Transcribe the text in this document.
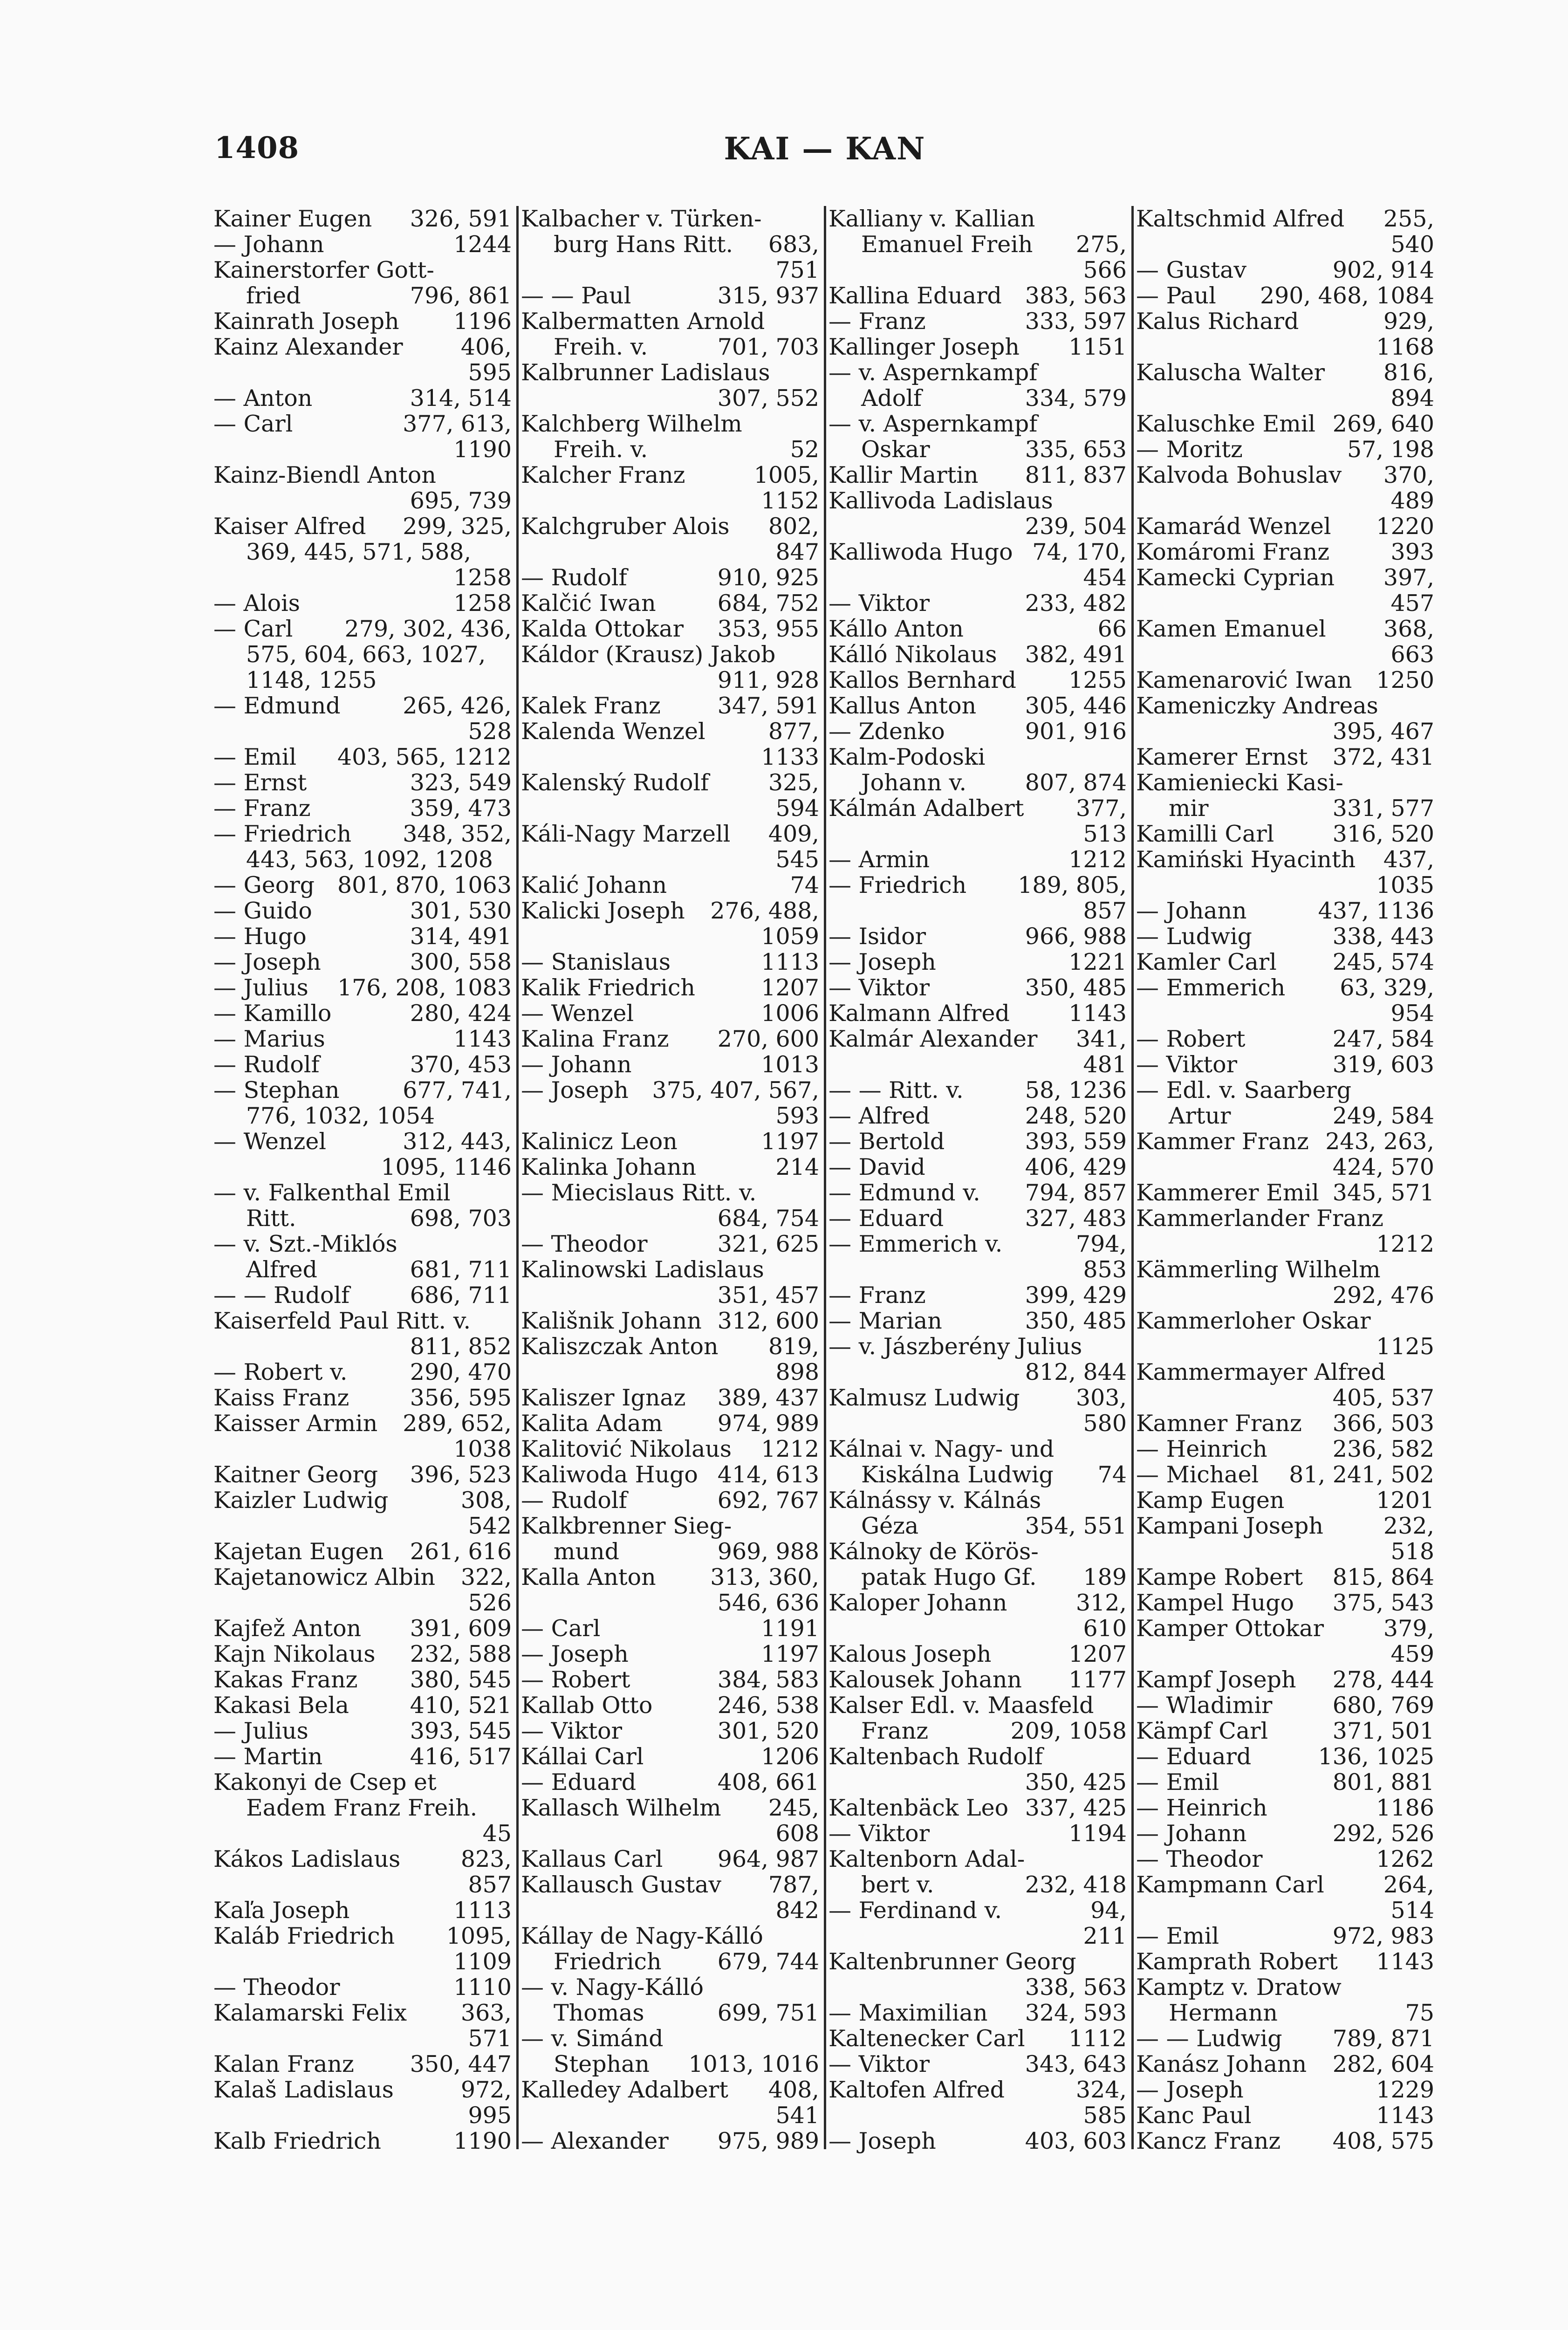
1408	KAI — KAN
Kainer Eugen 326, 591
— Johann	1244
Kainerstorfer Gott-
fried	796, 861
Kainrath Joseph 1196
Kainz Alexander	406,
595
— Anton	314, 514
— Carl	377, 613,
1190
Kainz-Biendl Anton
695, 739
Kaiser Alfred 299, 325,
369, 445, 571, 588,
1258
— Alois	1258
— Carl 279, 302, 436,
575, 604, 663, 1027,
1148, 1255
— Edmund	265, 426,
528
— Emil 403, 565, 1212
— Ernst	323, 549
— Franz	359, 473
— Friedrich 348, 352,
443, 563, 1092, 1208
— Georg 801, 870, 1063
— Guido	301, 530
— Hugo	314, 491
— Joseph	300, 558
— Julius 176, 208, 1083
— Kamillo	280, 424
— Marius	1143
— Rudolf	370, 453
— Stephan	677, 741,
776, 1032, 1054
— Wenzel	312, 443,
1095, 1146
— v. Falkenthal Emil
Ritt.	698, 703
— v. Szt.-Miklós
Alfred	681, 711
— — Rudolf	686, 711
Kaiserfeld Paul Ritt. v.
811, 852
— Robert v.	290, 470
Kaiss Franz	356, 595
Kaisser Armin 289, 652,
1038
Kaitner Georg 396, 523
Kaizler Ludwig	308,
542
Kajetan Eugen 261, 616
Kajetanowicz Albin 322,
526
Kajfež Anton 391, 609
Kajn Nikolaus 232, 588
Kakas Franz 380, 545
Kakasi Bela	410, 521
— Julius	393, 545
— Martin	416, 517
Kakonyi de Csep et
Eadem Franz Freih.
45
Kákos Ladislaus	823,
857
Kaľa Joseph	1113
Kaláb Friedrich 1095,
1109
— Theodor	1110
Kalamarski Felix 363,
571
Kalan Franz 350, 447
Kalaš Ladislaus	972,
995
Kalb Friedrich	1190
Kalbacher v. Türken-
burg Hans Ritt. 683,
751
— — Paul	315, 937
Kalbermatten Arnold
Freih. v.	701, 703
Kalbrunner Ladislaus
307, 552
Kalchberg Wilhelm
Freih. v.	52
Kalcher Franz	1005,
1152
Kalchgruber Alois 802,
847
— Rudolf	910, 925
Kalčić Iwan	684, 752
Kalda Ottokar 353, 955
Káldor (Krausz) Jakob
911, 928
Kalek Franz 347, 591
Kalenda Wenzel	877,
1133
Kalenský Rudolf	325,
594
Káli-Nagy Marzell 409,
545
Kalić Johann	74
Kalicki Joseph 276, 488,
1059
— Stanislaus	1113
Kalik Friedrich	1207
— Wenzel	1006
Kalina Franz 270, 600
— Johann	1013
— Joseph 375, 407, 567,
593
Kalinicz Leon	1197
Kalinka Johann	214
— Miecislaus Ritt. v.
684, 754
— Theodor	321, 625
Kalinowski Ladislaus
351, 457
Kališnik Johann 312, 600
Kaliszczak Anton 819,
898
Kaliszer Ignaz 389, 437
Kalita Adam 974, 989
Kalitović Nikolaus 1212
Kaliwoda Hugo 414, 613
— Rudolf	692, 767
Kalkbrenner Sieg-
mund	969, 988
Kalla Anton 313, 360,
546, 636
— Carl	1191
— Joseph	1197
— Robert	384, 583
Kallab Otto	246, 538
— Viktor	301, 520
Kállai Carl	1206
— Eduard	408, 661
Kallasch Wilhelm 245,
608
Kallaus Carl 964, 987
Kallausch Gustav 787,
842
Kállay de Nagy-Kálló
Friedrich 679, 744
— v. Nagy-Kálló
Thomas	699, 751
— v. Simánd
Stephan 1013, 1016
Kalledey Adalbert 408,
541
— Alexander 975, 989
Kalliany v. Kallian
Emanuel Freih 275,
566
Kallina Eduard 383, 563
— Franz	333, 597
Kallinger Joseph 1151
— v. Aspernkampf
Adolf	334, 579
— v. Aspernkampf
Oskar	335, 653
Kallir Martin 811, 837
Kallivoda Ladislaus
239, 504
Kalliwoda Hugo 74, 170,
454
— Viktor	233, 482
Kállo Anton	66
Kálló Nikolaus 382, 491
Kallos Bernhard 1255
Kallus Anton 305, 446
— Zdenko	901, 916
Kalm-Podoski
Johann v.	807, 874
Kálmán Adalbert 377,
513
— Armin	1212
— Friedrich 189, 805,
857
— Isidor	966, 988
— Joseph	1221
— Viktor	350, 485
Kalmann Alfred	1143
Kalmár Alexander 341,
481
— — Ritt. v.	58, 1236
— Alfred	248, 520
— Bertold	393, 559
— David	406, 429
— Edmund v. 794, 857
— Eduard	327, 483
— Emmerich v.	794,
853
— Franz	399, 429
— Marian	350, 485
— v. Jászberény Julius
812, 844
Kalmusz Ludwig 303,
580
Kálnai v. Nagy- und
Kiskálna Ludwig 74
Kálnássy v. Kálnás
Géza	354, 551
Kálnoky de Körös-
patak Hugo Gf. 189
Kaloper Johann	312,
610
Kalous Joseph	1207
Kalousek Johann 1177
Kalser Edl. v. Maasfeld
Franz	209, 1058
Kaltenbach Rudolf
350, 425
Kaltenbäck Leo 337, 425
— Viktor	1194
Kaltenborn Adal-
bert v.	232, 418
— Ferdinand v.	94,
211
Kaltenbrunner Georg
338, 563
— Maximilian 324, 593
Kaltenecker Carl 1112
— Viktor	343, 643
Kaltofen Alfred	324,
585
— Joseph	403, 603
Kaltschmid Alfred 255,
540
— Gustav	902, 914
— Paul 290, 468, 1084
Kalus Richard	929,
1168
Kaluscha Walter	816,
894
Kaluschke Emil 269, 640
— Moritz	57, 198
Kalvoda Bohuslav 370,
489
Kamarád Wenzel 1220
Komáromi Franz	393
Kamecki Cyprian 397,
457
Kamen Emanuel	368,
663
Kamenarović Iwan 1250
Kameniczky Andreas
395, 467
Kamerer Ernst 372, 431
Kamieniecki Kasi-
mir	331, 577
Kamilli Carl	316, 520
Kamiński Hyacinth 437,
1035
— Johann	437, 1136
— Ludwig	338, 443
Kamler Carl 245, 574
— Emmerich 63, 329,
954
— Robert	247, 584
— Viktor	319, 603
— Edl. v. Saarberg
Artur	249, 584
Kammer Franz 243, 263,
424, 570
Kammerer Emil 345, 571
Kammerlander Franz
1212
Kämmerling Wilhelm
292, 476
Kammerloher Oskar
1125
Kammermayer Alfred
405, 537
Kamner Franz 366, 503
— Heinrich	236, 582
— Michael 81, 241, 502
Kamp Eugen	1201
Kampani Joseph	232,
518
Kampe Robert 815, 864
Kampel Hugo 375, 543
Kamper Ottokar	379,
459
Kampf Joseph 278, 444
— Wladimir	680, 769
Kämpf Carl	371, 501
— Eduard	136, 1025
— Emil	801, 881
— Heinrich	1186
— Johann	292, 526
— Theodor	1262
Kampmann Carl	264,
514
— Emil	972, 983
Kamprath Robert 1143
Kamptz v. Dratow
Hermann	75
— — Ludwig 789, 871
Kanász Johann 282, 604
— Joseph	1229
Kanc Paul	1143
Kancz Franz 408, 575
